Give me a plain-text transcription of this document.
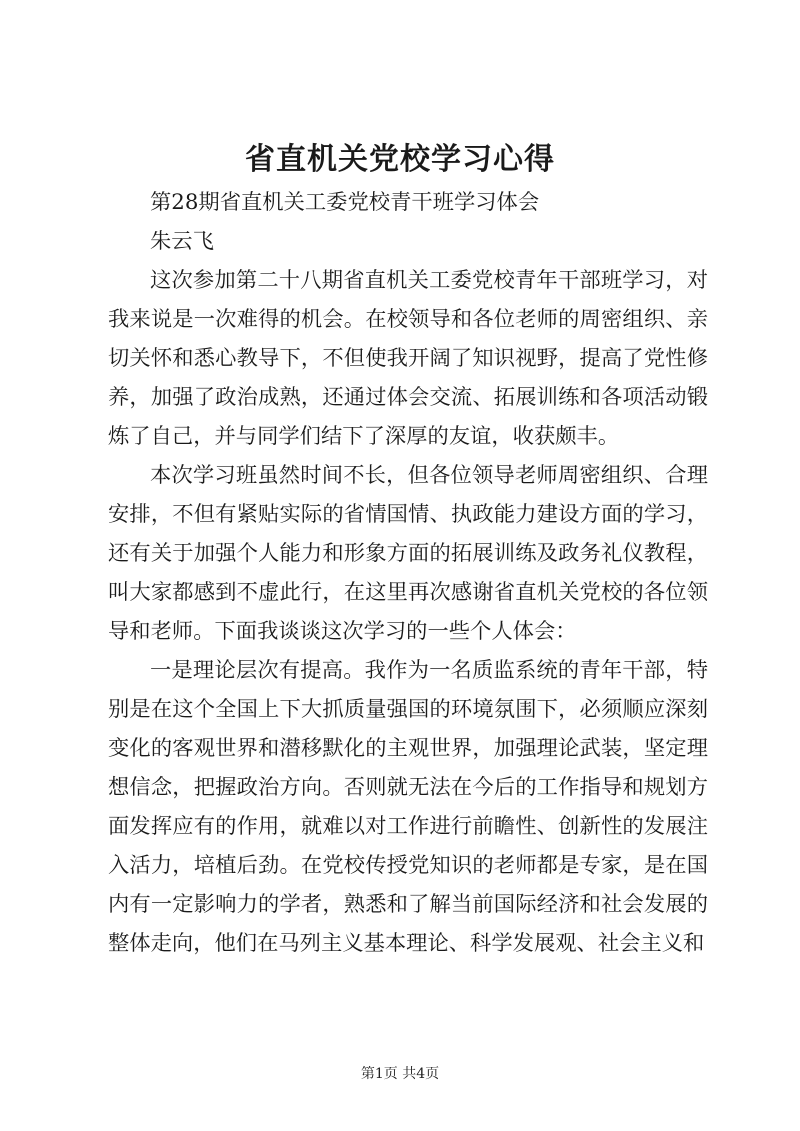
省直机关党校学习心得

第28期省直机关工委党校青干班学习体会

朱云飞

这次参加第二十八期省直机关工委党校青年干部班学习，对我来说是一次难得的机会。在校领导和各位老师的周密组织、亲切关怀和悉心教导下，不但使我开阔了知识视野，提高了党性修养，加强了政治成熟，还通过体会交流、拓展训练和各项活动锻炼了自己，并与同学们结下了深厚的友谊，收获颇丰。

本次学习班虽然时间不长，但各位领导老师周密组织、合理安排，不但有紧贴实际的省情国情、执政能力建设方面的学习，还有关于加强个人能力和形象方面的拓展训练及政务礼仪教程，叫大家都感到不虚此行，在这里再次感谢省直机关党校的各位领导和老师。下面我谈谈这次学习的一些个人体会：

一是理论层次有提高。我作为一名质监系统的青年干部，特别是在这个全国上下大抓质量强国的环境氛围下，必须顺应深刻变化的客观世界和潜移默化的主观世界，加强理论武装，坚定理想信念，把握政治方向。否则就无法在今后的工作指导和规划方面发挥应有的作用，就难以对工作进行前瞻性、创新性的发展注入活力，培植后劲。在党校传授党知识的老师都是专家，是在国内有一定影响力的学者，熟悉和了解当前国际经济和社会发展的整体走向，他们在马列主义基本理论、科学发展观、社会主义和

第1页 共4页
